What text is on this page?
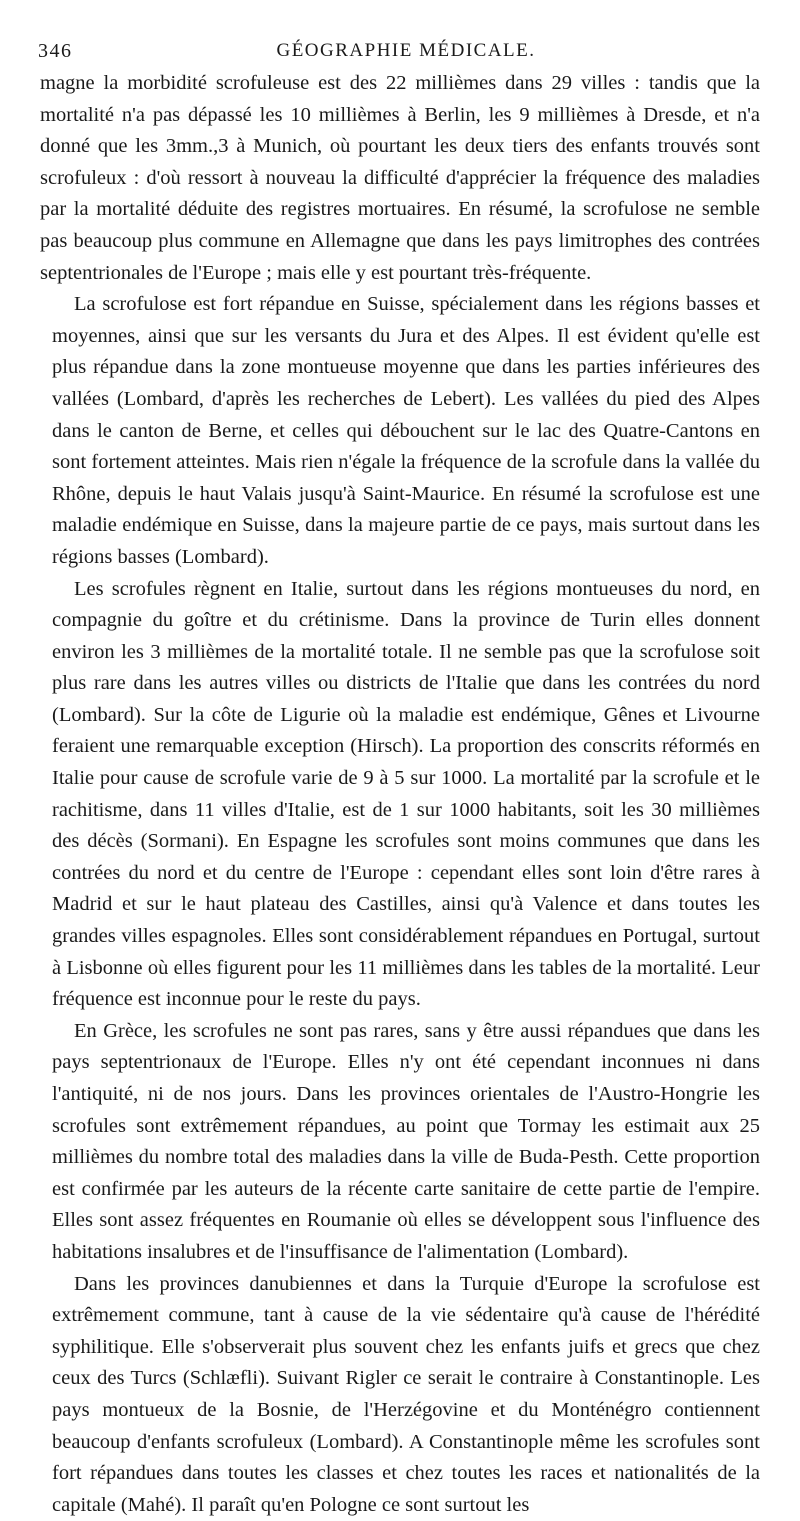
346	GÉOGRAPHIE MÉDICALE.

magne la morbidité scrofuleuse est des 22 millièmes dans 29 villes : tandis que la mortalité n'a pas dépassé les 10 millièmes à Berlin, les 9 millièmes à Dresde, et n'a donné que les 3mm.,3 à Munich, où pourtant les deux tiers des enfants trouvés sont scrofuleux : d'où ressort à nouveau la difficulté d'apprécier la fréquence des maladies par la mortalité déduite des registres mortuaires. En résumé, la scrofulose ne semble pas beaucoup plus commune en Allemagne que dans les pays limitrophes des contrées septentrionales de l'Europe ; mais elle y est pourtant très-fréquente.

La scrofulose est fort répandue en Suisse, spécialement dans les régions basses et moyennes, ainsi que sur les versants du Jura et des Alpes. Il est évident qu'elle est plus répandue dans la zone montueuse moyenne que dans les parties inférieures des vallées (Lombard, d'après les recherches de Lebert). Les vallées du pied des Alpes dans le canton de Berne, et celles qui débouchent sur le lac des Quatre-Cantons en sont fortement atteintes. Mais rien n'égale la fréquence de la scrofule dans la vallée du Rhône, depuis le haut Valais jusqu'à Saint-Maurice. En résumé la scrofulose est une maladie endémique en Suisse, dans la majeure partie de ce pays, mais surtout dans les régions basses (Lombard).

Les scrofules règnent en Italie, surtout dans les régions montueuses du nord, en compagnie du goître et du crétinisme. Dans la province de Turin elles donnent environ les 3 millièmes de la mortalité totale. Il ne semble pas que la scrofulose soit plus rare dans les autres villes ou districts de l'Italie que dans les contrées du nord (Lombard). Sur la côte de Ligurie où la maladie est endémique, Gênes et Livourne feraient une remarquable exception (Hirsch). La proportion des conscrits réformés en Italie pour cause de scrofule varie de 9 à 5 sur 1000. La mortalité par la scrofule et le rachitisme, dans 11 villes d'Italie, est de 1 sur 1000 habitants, soit les 30 millièmes des décès (Sormani). En Espagne les scrofules sont moins communes que dans les contrées du nord et du centre de l'Europe : cependant elles sont loin d'être rares à Madrid et sur le haut plateau des Castilles, ainsi qu'à Valence et dans toutes les grandes villes espagnoles. Elles sont considérablement répandues en Portugal, surtout à Lisbonne où elles figurent pour les 11 millièmes dans les tables de la mortalité. Leur fréquence est inconnue pour le reste du pays.

En Grèce, les scrofules ne sont pas rares, sans y être aussi répandues que dans les pays septentrionaux de l'Europe. Elles n'y ont été cependant inconnues ni dans l'antiquité, ni de nos jours. Dans les provinces orientales de l'Austro-Hongrie les scrofules sont extrêmement répandues, au point que Tormay les estimait aux 25 millièmes du nombre total des maladies dans la ville de Buda-Pesth. Cette proportion est confirmée par les auteurs de la récente carte sanitaire de cette partie de l'empire. Elles sont assez fréquentes en Roumanie où elles se développent sous l'influence des habitations insalubres et de l'insuffisance de l'alimentation (Lombard).

Dans les provinces danubiennes et dans la Turquie d'Europe la scrofulose est extrêmement commune, tant à cause de la vie sédentaire qu'à cause de l'hérédité syphilitique. Elle s'observerait plus souvent chez les enfants juifs et grecs que chez ceux des Turcs (Schlæfli). Suivant Rigler ce serait le contraire à Constantinople. Les pays montueux de la Bosnie, de l'Herzégovine et du Monténégro contiennent beaucoup d'enfants scrofuleux (Lombard). A Constantinople même les scrofules sont fort répandues dans toutes les classes et chez toutes les races et nationalités de la capitale (Mahé). Il paraît qu'en Pologne ce sont surtout les
